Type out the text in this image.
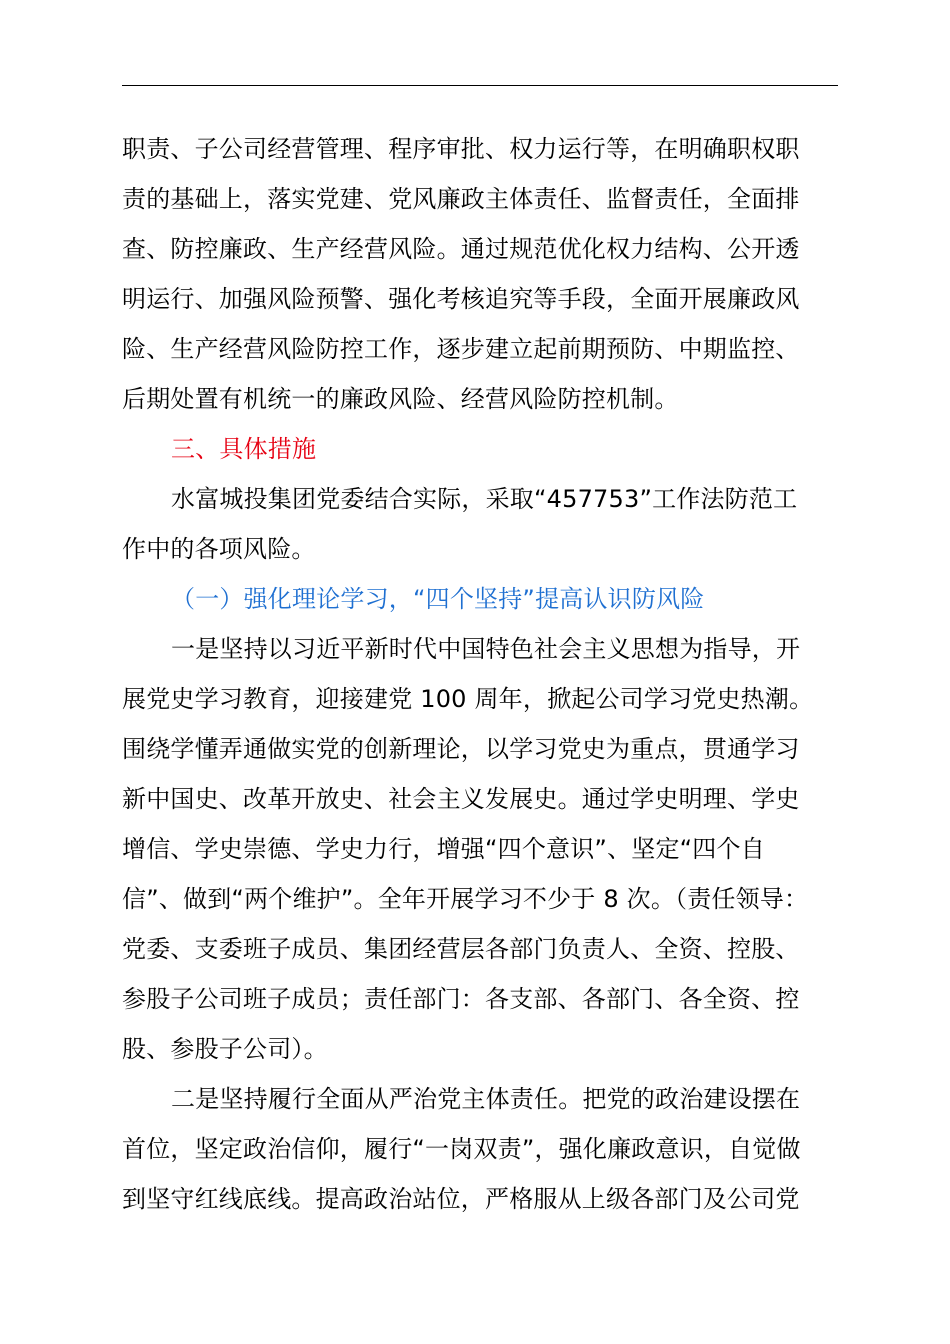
职责、子公司经营管理、程序审批、权力运行等，在明确职权职
责的基础上，落实党建、党风廉政主体责任、监督责任，全面排
查、防控廉政、生产经营风险。通过规范优化权力结构、公开透
明运行、加强风险预警、强化考核追究等手段，全面开展廉政风
险、生产经营风险防控工作，逐步建立起前期预防、中期监控、
后期处置有机统一的廉政风险、经营风险防控机制。
三、具体措施
水富城投集团党委结合实际，采取“457753”工作法防范工
作中的各项风险。
（一）强化理论学习，“四个坚持”提高认识防风险
一是坚持以习近平新时代中国特色社会主义思想为指导，开
展党史学习教育，迎接建党 100 周年，掀起公司学习党史热潮。
围绕学懂弄通做实党的创新理论，以学习党史为重点，贯通学习
新中国史、改革开放史、社会主义发展史。通过学史明理、学史
增信、学史崇德、学史力行，增强“四个意识”、坚定“四个自
信”、做到“两个维护”。全年开展学习不少于 8 次。（责任领导：
党委、支委班子成员、集团经营层各部门负责人、全资、控股、
参股子公司班子成员；责任部门：各支部、各部门、各全资、控
股、参股子公司）。
二是坚持履行全面从严治党主体责任。把党的政治建设摆在
首位，坚定政治信仰，履行“一岗双责”，强化廉政意识，自觉做
到坚守红线底线。提高政治站位，严格服从上级各部门及公司党
